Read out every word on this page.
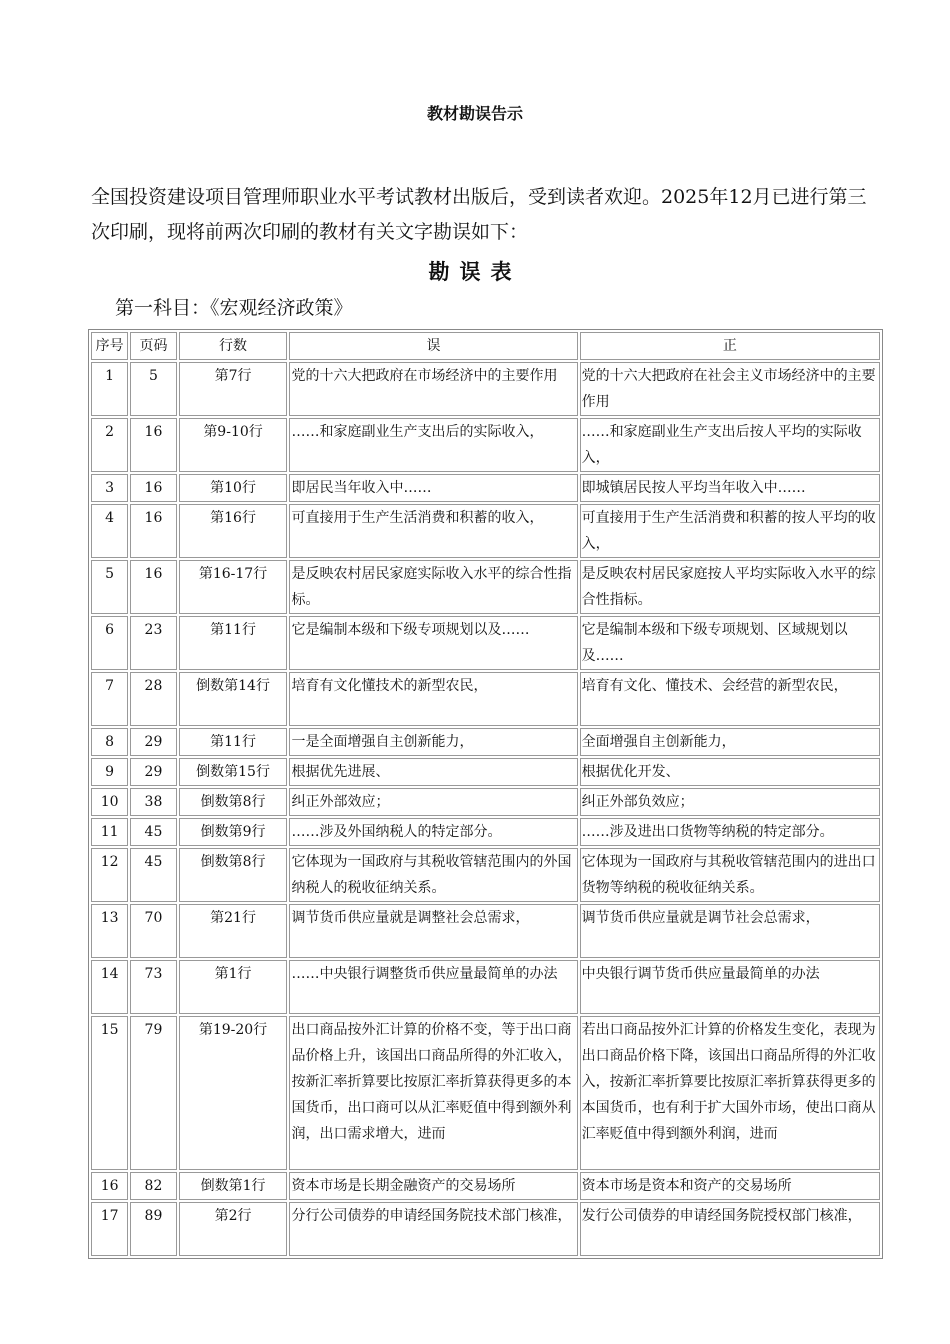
教材勘误告示
全国投资建设项目管理师职业水平考试教材出版后，受到读者欢迎。2025年12月已进行第三次印刷，现将前两次印刷的教材有关文字勘误如下：
勘误表
第一科目：《宏观经济政策》
序号	页码	行数	误	正
1	5	第7行	党的十六大把政府在市场经济中的主要作用	党的十六大把政府在社会主义市场经济中的主要作用
2	16	第9-10行	……和家庭副业生产支出后的实际收入，	……和家庭副业生产支出后按人平均的实际收入，
3	16	第10行	即居民当年收入中……	即城镇居民按人平均当年收入中……
4	16	第16行	可直接用于生产生活消费和积蓄的收入，	可直接用于生产生活消费和积蓄的按人平均的收入，
5	16	第16-17行	是反映农村居民家庭实际收入水平的综合性指标。	是反映农村居民家庭按人平均实际收入水平的综合性指标。
6	23	第11行	它是编制本级和下级专项规划以及……	它是编制本级和下级专项规划、区域规划以及……
7	28	倒数第14行	培育有文化懂技术的新型农民，	培育有文化、懂技术、会经营的新型农民，
8	29	第11行	一是全面增强自主创新能力，	全面增强自主创新能力，
9	29	倒数第15行	根据优先进展、	根据优化开发、
10	38	倒数第8行	纠正外部效应；	纠正外部负效应；
11	45	倒数第9行	……涉及外国纳税人的特定部分。	……涉及进出口货物等纳税的特定部分。
12	45	倒数第8行	它体现为一国政府与其税收管辖范围内的外国纳税人的税收征纳关系。	它体现为一国政府与其税收管辖范围内的进出口货物等纳税的税收征纳关系。
13	70	第21行	调节货币供应量就是调整社会总需求，	调节货币供应量就是调节社会总需求，
14	73	第1行	……中央银行调整货币供应量最简单的办法	中央银行调节货币供应量最简单的办法
15	79	第19-20行	出口商品按外汇计算的价格不变，等于出口商品价格上升，该国出口商品所得的外汇收入，按新汇率折算要比按原汇率折算获得更多的本国货币，出口商可以从汇率贬值中得到额外利润，出口需求增大，进而	若出口商品按外汇计算的价格发生变化，表现为出口商品价格下降，该国出口商品所得的外汇收入，按新汇率折算要比按原汇率折算获得更多的本国货币，也有利于扩大国外市场，使出口商从汇率贬值中得到额外利润，进而
16	82	倒数第1行	资本市场是长期金融资产的交易场所	资本市场是资本和资产的交易场所
17	89	第2行	分行公司债券的申请经国务院技术部门核准，	发行公司债券的申请经国务院授权部门核准，
